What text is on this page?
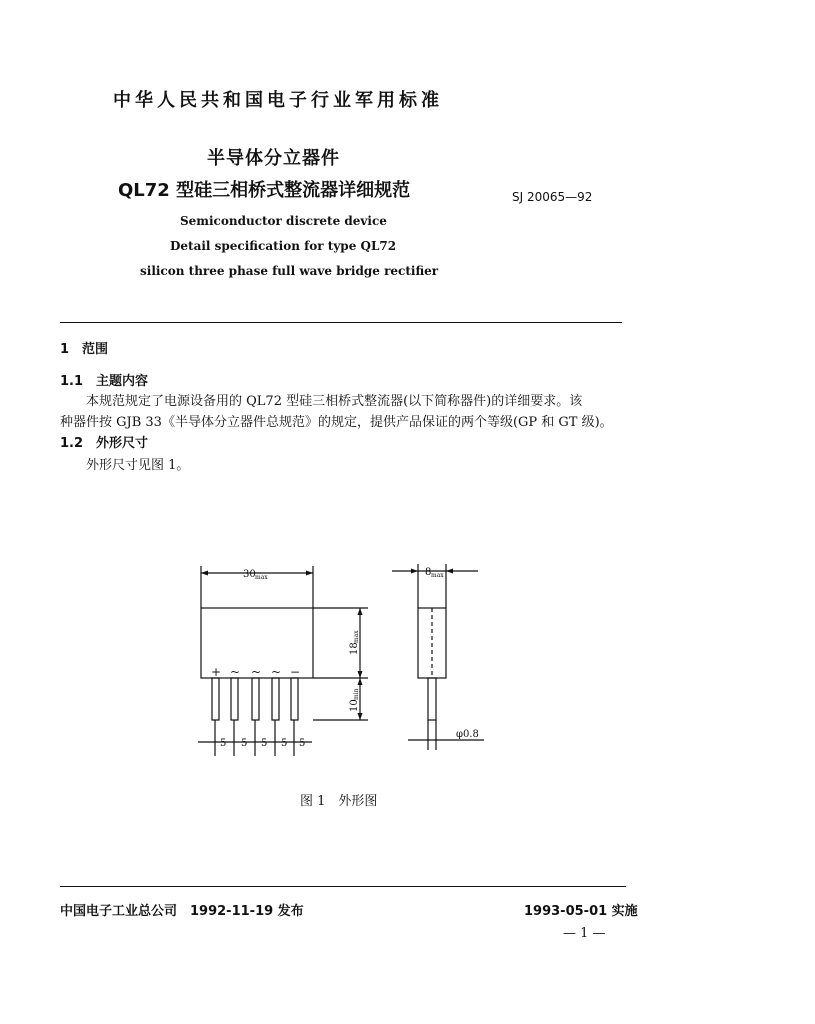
中华人民共和国电子行业军用标准
半导体分立器件
QL72 型硅三相桥式整流器详细规范	SJ 20065—92
Semiconductor discrete device
Detail specification for type QL72
silicon three phase full wave bridge rectifier
1　范围
1.1　主题内容
本规范规定了电源设备用的 QL72 型硅三相桥式整流器(以下简称器件)的详细要求。该
种器件按 GJB 33《半导体分立器件总规范》的规定，提供产品保证的两个等级(GP 和 GT 级)。
1.2　外形尺寸
外形尺寸见图 1。
30 max
18
max
+ ~ ~ ~ −
10
min
5 5 5 5 5
8 max
φ0.8
图 1　外形图
中国电子工业总公司　1992-11-19 发布	1993-05-01 实施
— 1 —
